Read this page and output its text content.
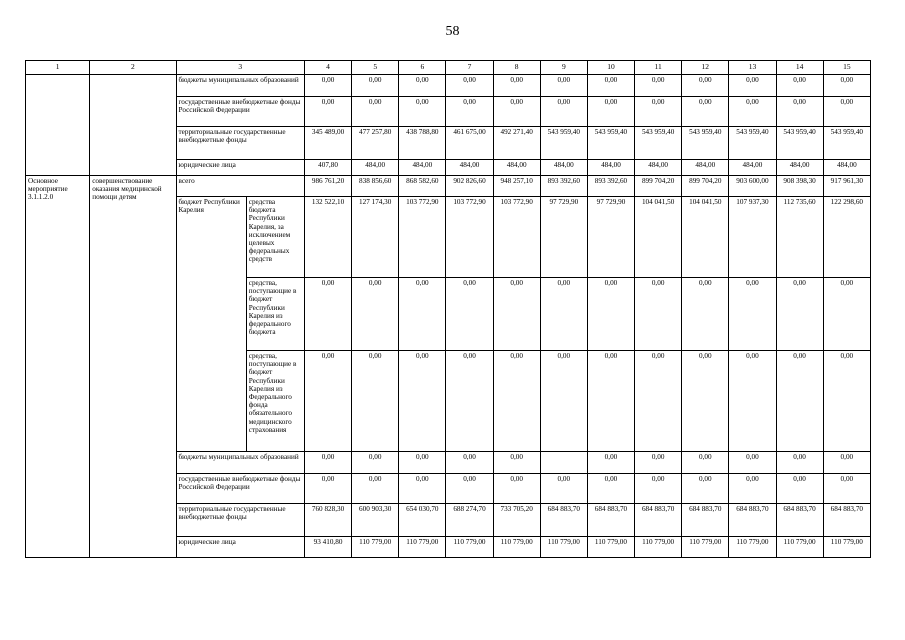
58
1	2	3		4	5	6	7	8	9	10	11	12	13	14	15
		бюджеты муниципальных образований		0,00	0,00	0,00	0,00	0,00	0,00	0,00	0,00	0,00	0,00	0,00	0,00
		государственные внебюджетные фонды Российской Федерации		0,00	0,00	0,00	0,00	0,00	0,00	0,00	0,00	0,00	0,00	0,00	0,00
		территориальные государственные внебюджетные фонды		345 489,00	477 257,80	438 788,80	461 675,00	492 271,40	543 959,40	543 959,40	543 959,40	543 959,40	543 959,40	543 959,40	543 959,40
		юридические лица		407,80	484,00	484,00	484,00	484,00	484,00	484,00	484,00	484,00	484,00	484,00	484,00
Основное мероприятие 3.1.1.2.0	совершенствование оказания медицинской помощи детям	всего		986 761,20	838 856,60	868 582,60	902 826,60	948 257,10	893 392,60	893 392,60	899 704,20	899 704,20	903 600,00	908 398,30	917 961,30
		бюджет Республики Карелия	средства бюджета Республики Карелия, за исключением целевых федеральных средств	132 522,10	127 174,30	103 772,90	103 772,90	103 772,90	97 729,90	97 729,90	104 041,50	104 041,50	107 937,30	112 735,60	122 298,60
			средства, поступающие в бюджет Республики Карелия из федерального бюджета	0,00	0,00	0,00	0,00	0,00	0,00	0,00	0,00	0,00	0,00	0,00	0,00
			средства, поступающие в бюджет Республики Карелия из Федерального фонда обязательного медицинского страхования	0,00	0,00	0,00	0,00	0,00	0,00	0,00	0,00	0,00	0,00	0,00	0,00
		бюджеты муниципальных образований		0,00	0,00	0,00	0,00	0,00		0,00	0,00	0,00	0,00	0,00	0,00
		государственные внебюджетные фонды Российской Федерации		0,00	0,00	0,00	0,00	0,00	0,00	0,00	0,00	0,00	0,00	0,00	0,00
		территориальные государственные внебюджетные фонды		760 828,30	600 903,30	654 030,70	688 274,70	733 705,20	684 883,70	684 883,70	684 883,70	684 883,70	684 883,70	684 883,70	684 883,70
		юридические лица		93 410,80	110 779,00	110 779,00	110 779,00	110 779,00	110 779,00	110 779,00	110 779,00	110 779,00	110 779,00	110 779,00	110 779,00
